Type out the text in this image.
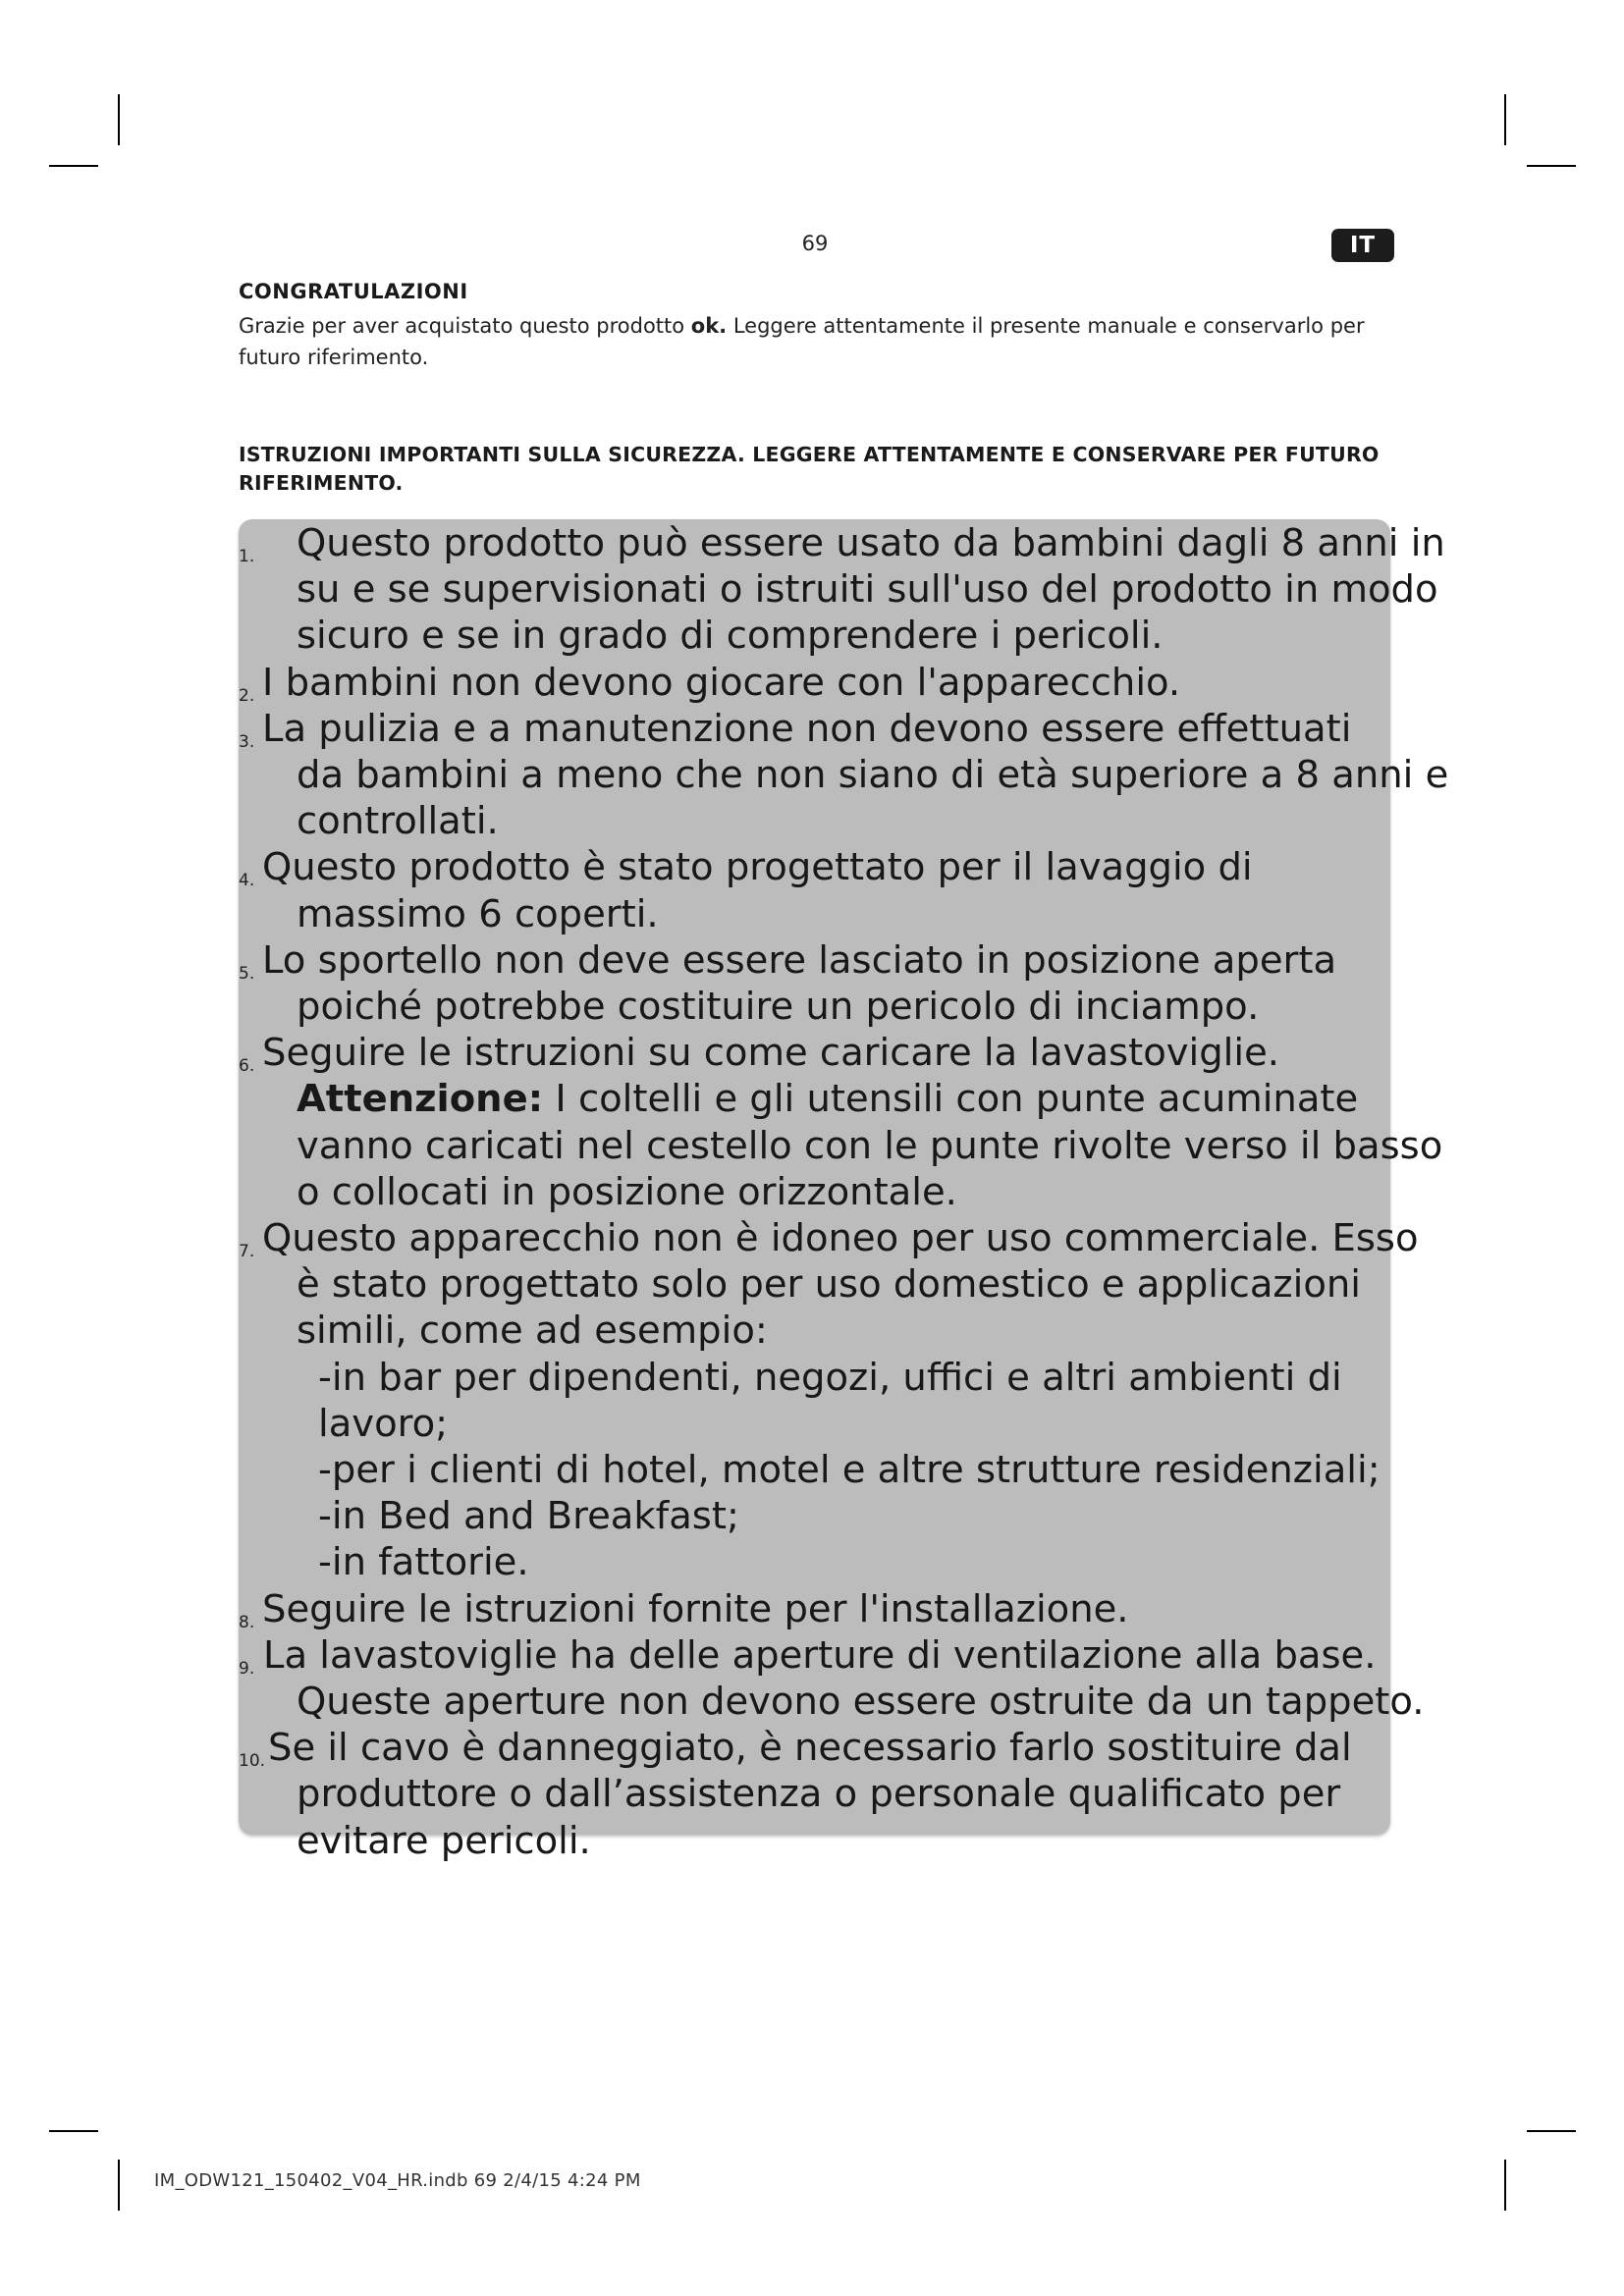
69	IT
CONGRATULAZIONI
Grazie per aver acquistato questo prodotto ok. Leggere attentamente il presente manuale e conservarlo per futuro riferimento.
ISTRUZIONI IMPORTANTI SULLA SICUREZZA. LEGGERE ATTENTAMENTE E CONSERVARE PER FUTURO RIFERIMENTO.
1. Questo prodotto può essere usato da bambini dagli 8 anni in
su e se supervisionati o istruiti sull'uso del prodotto in modo
sicuro e se in grado di comprendere i pericoli.
2. I bambini non devono giocare con l'apparecchio.
3. La pulizia e a manutenzione non devono essere effettuati
da bambini a meno che non siano di età superiore a 8 anni e
controllati.
4. Questo prodotto è stato progettato per il lavaggio di
massimo 6 coperti.
5. Lo sportello non deve essere lasciato in posizione aperta
poiché potrebbe costituire un pericolo di inciampo.
6. Seguire le istruzioni su come caricare la lavastoviglie.
Attenzione: I coltelli e gli utensili con punte acuminate
vanno caricati nel cestello con le punte rivolte verso il basso
o collocati in posizione orizzontale.
7. Questo apparecchio non è idoneo per uso commerciale. Esso
è stato progettato solo per uso domestico e applicazioni
simili, come ad esempio:
-in bar per dipendenti, negozi, uffici e altri ambienti di lavoro;
-per i clienti di hotel, motel e altre strutture residenziali;
-in Bed and Breakfast;
-in fattorie.
8. Seguire le istruzioni fornite per l'installazione.
9. La lavastoviglie ha delle aperture di ventilazione alla base.
Queste aperture non devono essere ostruite da un tappeto.
10. Se il cavo è danneggiato, è necessario farlo sostituire dal
produttore o dall’assistenza o personale qualificato per
evitare pericoli.
IM_ODW121_150402_V04_HR.indb 69 2/4/15 4:24 PM
